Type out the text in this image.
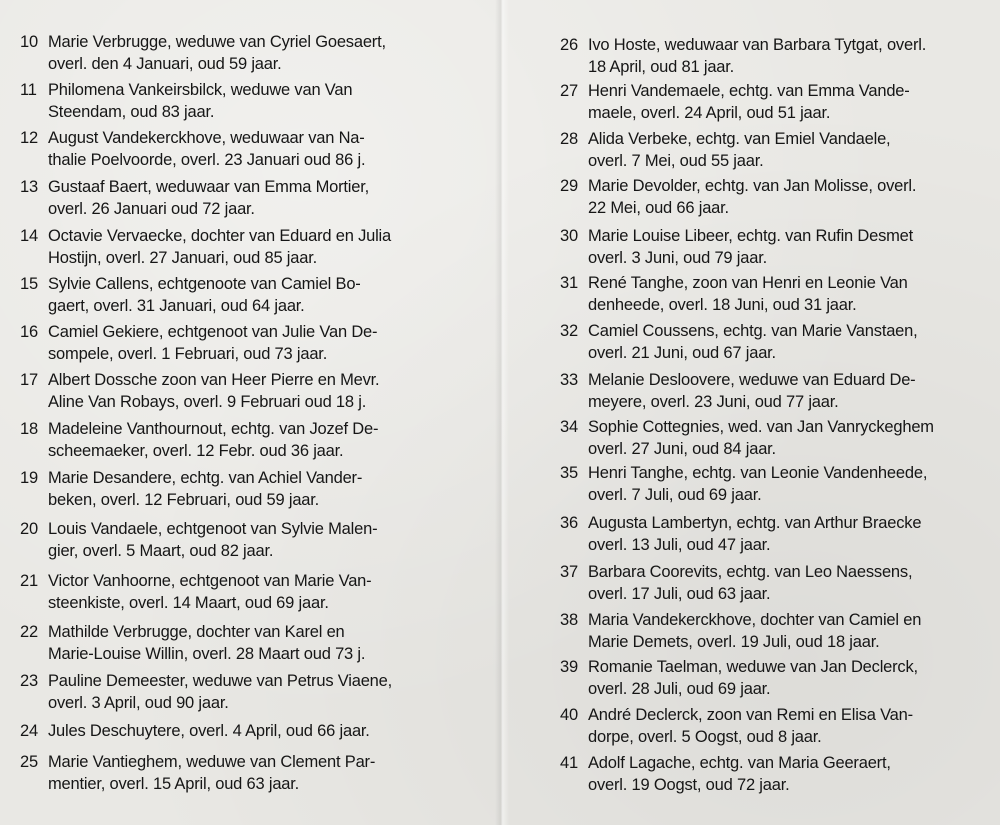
10 Marie Verbrugge, weduwe van Cyriel Goesaert,
overl. den 4 Januari, oud 59 jaar.
11 Philomena Vankeirsbilck, weduwe van Van
Steendam, oud 83 jaar.
12 August Vandekerckhove, weduwaar van Na-
thalie Poelvoorde, overl. 23 Januari oud 86 j.
13 Gustaaf Baert, weduwaar van Emma Mortier,
overl. 26 Januari oud 72 jaar.
14 Octavie Vervaecke, dochter van Eduard en Julia
Hostijn, overl. 27 Januari, oud 85 jaar.
15 Sylvie Callens, echtgenoote van Camiel Bo-
gaert, overl. 31 Januari, oud 64 jaar.
16 Camiel Gekiere, echtgenoot van Julie Van De-
sompele, overl. 1 Februari, oud 73 jaar.
17 Albert Dossche zoon van Heer Pierre en Mevr.
Aline Van Robays, overl. 9 Februari oud 18 j.
18 Madeleine Vanthournout, echtg. van Jozef De-
scheemaeker, overl. 12 Febr. oud 36 jaar.
19 Marie Desandere, echtg. van Achiel Vander-
beken, overl. 12 Februari, oud 59 jaar.
20 Louis Vandaele, echtgenoot van Sylvie Malen-
gier, overl. 5 Maart, oud 82 jaar.
21 Victor Vanhoorne, echtgenoot van Marie Van-
steenkiste, overl. 14 Maart, oud 69 jaar.
22 Mathilde Verbrugge, dochter van Karel en
Marie-Louise Willin, overl. 28 Maart oud 73 j.
23 Pauline Demeester, weduwe van Petrus Viaene,
overl. 3 April, oud 90 jaar.
24 Jules Deschuytere, overl. 4 April, oud 66 jaar.
25 Marie Vantieghem, weduwe van Clement Par-
mentier, overl. 15 April, oud 63 jaar.
26 Ivo Hoste, weduwaar van Barbara Tytgat, overl.
18 April, oud 81 jaar.
27 Henri Vandemaele, echtg. van Emma Vande-
maele, overl. 24 April, oud 51 jaar.
28 Alida Verbeke, echtg. van Emiel Vandaele,
overl. 7 Mei, oud 55 jaar.
29 Marie Devolder, echtg. van Jan Molisse, overl.
22 Mei, oud 66 jaar.
30 Marie Louise Libeer, echtg. van Rufin Desmet
overl. 3 Juni, oud 79 jaar.
31 René Tanghe, zoon van Henri en Leonie Van
denheede, overl. 18 Juni, oud 31 jaar.
32 Camiel Coussens, echtg. van Marie Vanstaen,
overl. 21 Juni, oud 67 jaar.
33 Melanie Desloovere, weduwe van Eduard De-
meyere, overl. 23 Juni, oud 77 jaar.
34 Sophie Cottegnies, wed. van Jan Vanryckeghem
overl. 27 Juni, oud 84 jaar.
35 Henri Tanghe, echtg. van Leonie Vandenheede,
overl. 7 Juli, oud 69 jaar.
36 Augusta Lambertyn, echtg. van Arthur Braecke
overl. 13 Juli, oud 47 jaar.
37 Barbara Coorevits, echtg. van Leo Naessens,
overl. 17 Juli, oud 63 jaar.
38 Maria Vandekerckhove, dochter van Camiel en
Marie Demets, overl. 19 Juli, oud 18 jaar.
39 Romanie Taelman, weduwe van Jan Declerck,
overl. 28 Juli, oud 69 jaar.
40 André Declerck, zoon van Remi en Elisa Van-
dorpe, overl. 5 Oogst, oud 8 jaar.
41 Adolf Lagache, echtg. van Maria Geeraert,
overl. 19 Oogst, oud 72 jaar.
